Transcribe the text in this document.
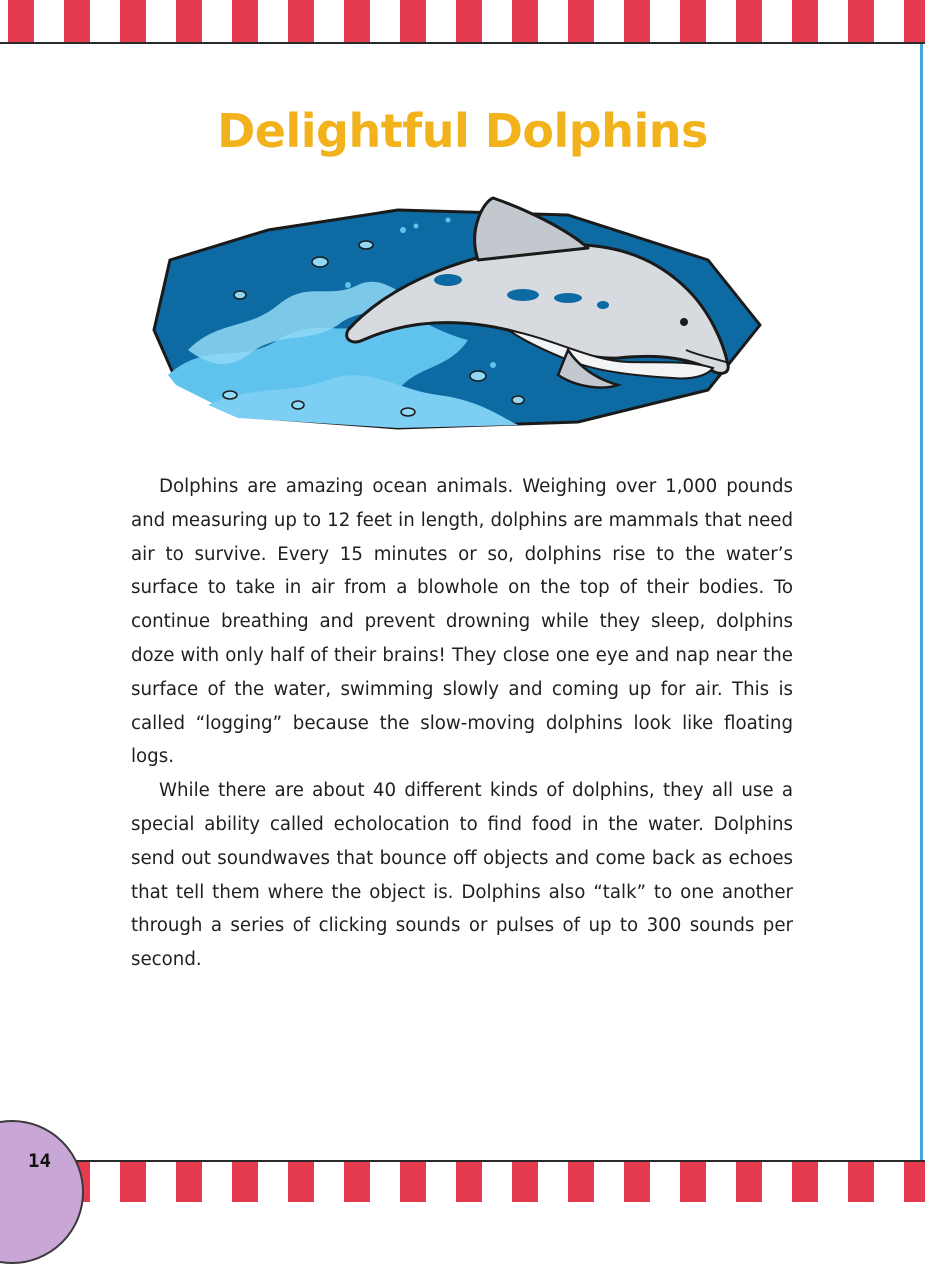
Delightful Dolphins

Dolphins are amazing ocean animals. Weighing over 1,000 pounds and measuring up to 12 feet in length, dolphins are mammals that need air to survive. Every 15 minutes or so, dolphins rise to the water’s surface to take in air from a blowhole on the top of their bodies. To continue breathing and prevent drowning while they sleep, dolphins doze with only half of their brains! They close one eye and nap near the surface of the water, swimming slowly and coming up for air. This is called “logging” because the slow-moving dolphins look like floating logs.

While there are about 40 different kinds of dolphins, they all use a special ability called echolocation to find food in the water. Dolphins send out soundwaves that bounce off objects and come back as echoes that tell them where the object is. Dolphins also “talk” to one another through a series of clicking sounds or pulses of up to 300 sounds per second.

14
